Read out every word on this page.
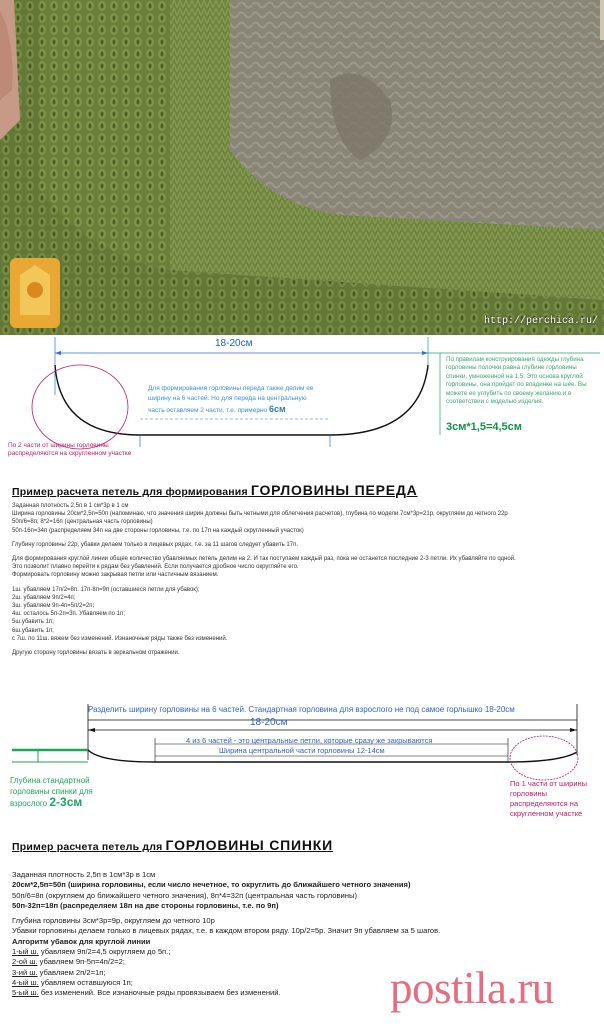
http://perchica.ru/
18-20см
Для формирования горловины переда также делим ее ширину на 6 частей. Но для переда на центральную часть оставляем 2 части, т.е. примерно 6см
По правилам конструирования одежды глубина горловины полочки равна глубине горловины спинки, умноженной на 1,5. Это основа круглой горловины, она пройдет по впадинке на шее. Вы можете ее углубить по своему желанию и в соответствии с моделью изделия.
3см*1,5=4,5см
По 2 части от ширины горловины распределяются на скругленном участке
Пример расчета петель для формирования ГОРЛОВИНЫ ПЕРЕДА

Заданная плотность 2,5п в 1 см*3р в 1 см

Ширина горловины 20см*2,5п=50п (напоминаю, что значения ширин должны быть четными для облегчения расчетов), глубина по модели 7см*3р=21р, округляем до четного 22р

50п/6=8п; 8*2=16п (центральная часть горловины)

50п-16п=34п (распределяем 34п на две стороны горловины, т.е. по 17п на каждый скругленный участок)

Глубину горловины 22р, убавки делаем только в лицевых рядах, т.е. за 11 шагов следует убавить 17п.

Для формирования круглой линии общее количество убавляемых петель делим на 2. И так поступаем каждый раз, пока не останется последние 2-3 петли. Их убавляйте по одной.

Это позволит плавно перейти к рядам без убавлений. Если получается дробное число округляйте его.

Формировать горловину можно закрывая петли или частичным вязанием.

1ш. убавляем 17п/2=8п. 17п-8п=9п (оставшиеся петли для убавок);

2ш. убавляем 9п/2=4п;

3ш. убавляем 9п-4п=5п/2=2п;

4ш. осталось 5п-2п=3п. Убавляем по 1п;

5ш.убавить 1п;

6ш.убавить 1п;

с 7ш. по 11ш. вяжем без изменений. Изнаночные ряды также без изменений.

Другую сторону горловины вязать в зеркальном отражении.

Разделить ширину горловины на 6 частей. Стандартная горловина для взрослого не под самое горлышко 18-20см
18-20см
4 из 6 частей - это центральные петли, которые сразу же закрываются
Ширина центральной части горловины 12-14см
Глубина стандартной горловины спинки для взрослого 2-3см
По 1 части от ширины горловины распределяются на скругленном участке
Пример расчета петель для ГОРЛОВИНЫ СПИНКИ

Заданная плотность 2,5п в 1см*3р в 1см

20см*2,5п=50п (ширина горловины, если число нечетное, то округлить до ближайшего четного значения)

50п/6=8п (округляем до ближайшего четного значения), 8п*4=32п (центральная часть горловины)

50п-32п=18п (распределяем 18п на две стороны горловины, т.е. по 9п)

Глубина горловины 3см*3р=9р, округляем до четного 10р

Убавки горловины делаем только в лицевых рядах, т.е. в каждом втором ряду. 10р/2=5р. Значит 9п убавляем за 5 шагов.

Алгоритм убавок для круглой линии

1-ый ш. убавляем 9п/2=4,5 округляем до 5п.;

2-ой ш. убавляем 9п-5п=4п/2=2;

3-ий ш. убавляем 2п/2=1п;

4-ый ш. убавляем оставшуюся 1п;

5-ый ш. без изменений. Все изнаночные ряды провязываем без изменений.	postila.ru
